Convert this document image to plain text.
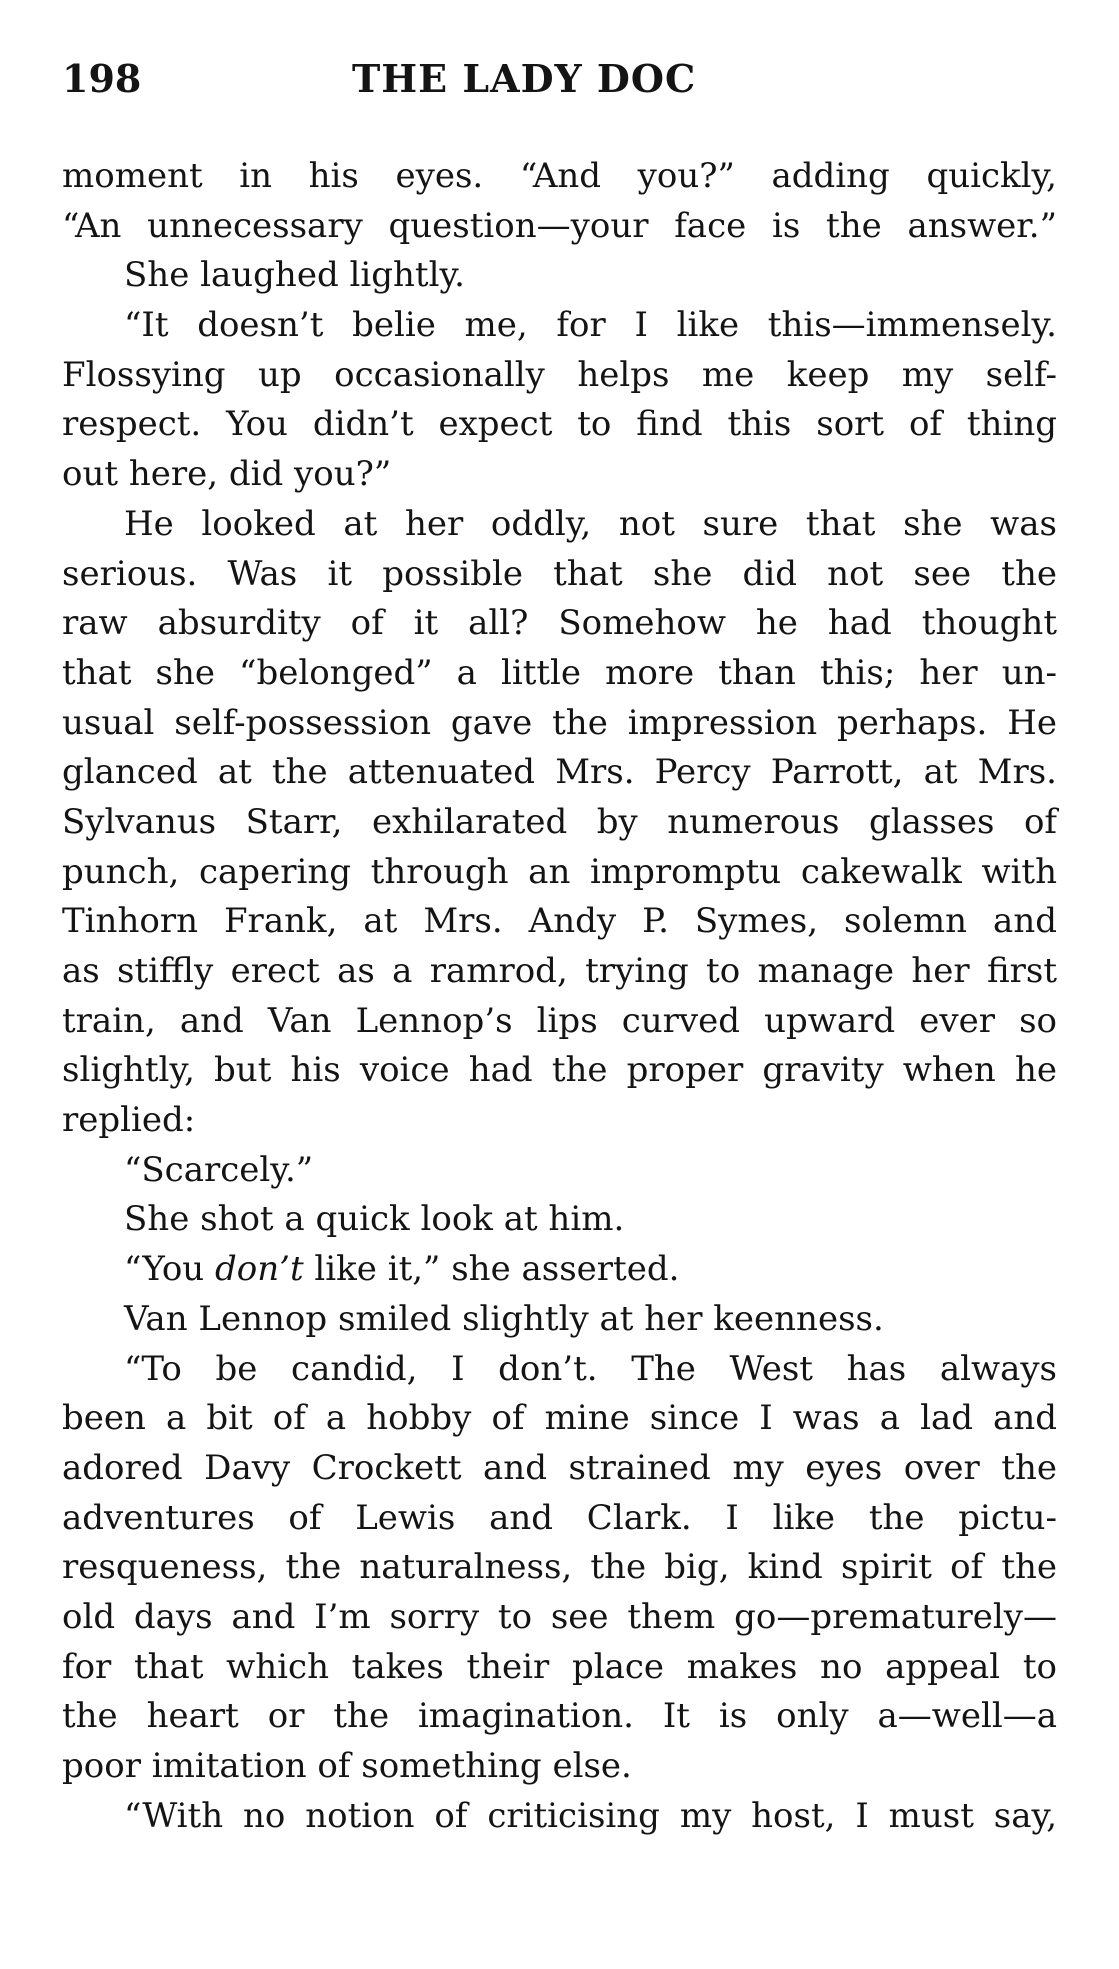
198	THE LADY DOC
moment in his eyes. “And you?” adding quickly,
“An unnecessary question—your face is the answer.”
She laughed lightly.
“It doesn’t belie me, for I like this—immensely.
Flossying up occasionally helps me keep my self-
respect. You didn’t expect to find this sort of thing
out here, did you?”
He looked at her oddly, not sure that she was
serious. Was it possible that she did not see the
raw absurdity of it all? Somehow he had thought
that she “belonged” a little more than this; her un-
usual self-possession gave the impression perhaps. He
glanced at the attenuated Mrs. Percy Parrott, at Mrs.
Sylvanus Starr, exhilarated by numerous glasses of
punch, capering through an impromptu cakewalk with
Tinhorn Frank, at Mrs. Andy P. Symes, solemn and
as stiffly erect as a ramrod, trying to manage her first
train, and Van Lennop’s lips curved upward ever so
slightly, but his voice had the proper gravity when he
replied:
“Scarcely.”
She shot a quick look at him.
“You don’t like it,” she asserted.
Van Lennop smiled slightly at her keenness.
“To be candid, I don’t. The West has always
been a bit of a hobby of mine since I was a lad and
adored Davy Crockett and strained my eyes over the
adventures of Lewis and Clark. I like the pictu-
resqueness, the naturalness, the big, kind spirit of the
old days and I’m sorry to see them go—prematurely—
for that which takes their place makes no appeal to
the heart or the imagination. It is only a—well—a
poor imitation of something else.
“With no notion of criticising my host, I must say,
